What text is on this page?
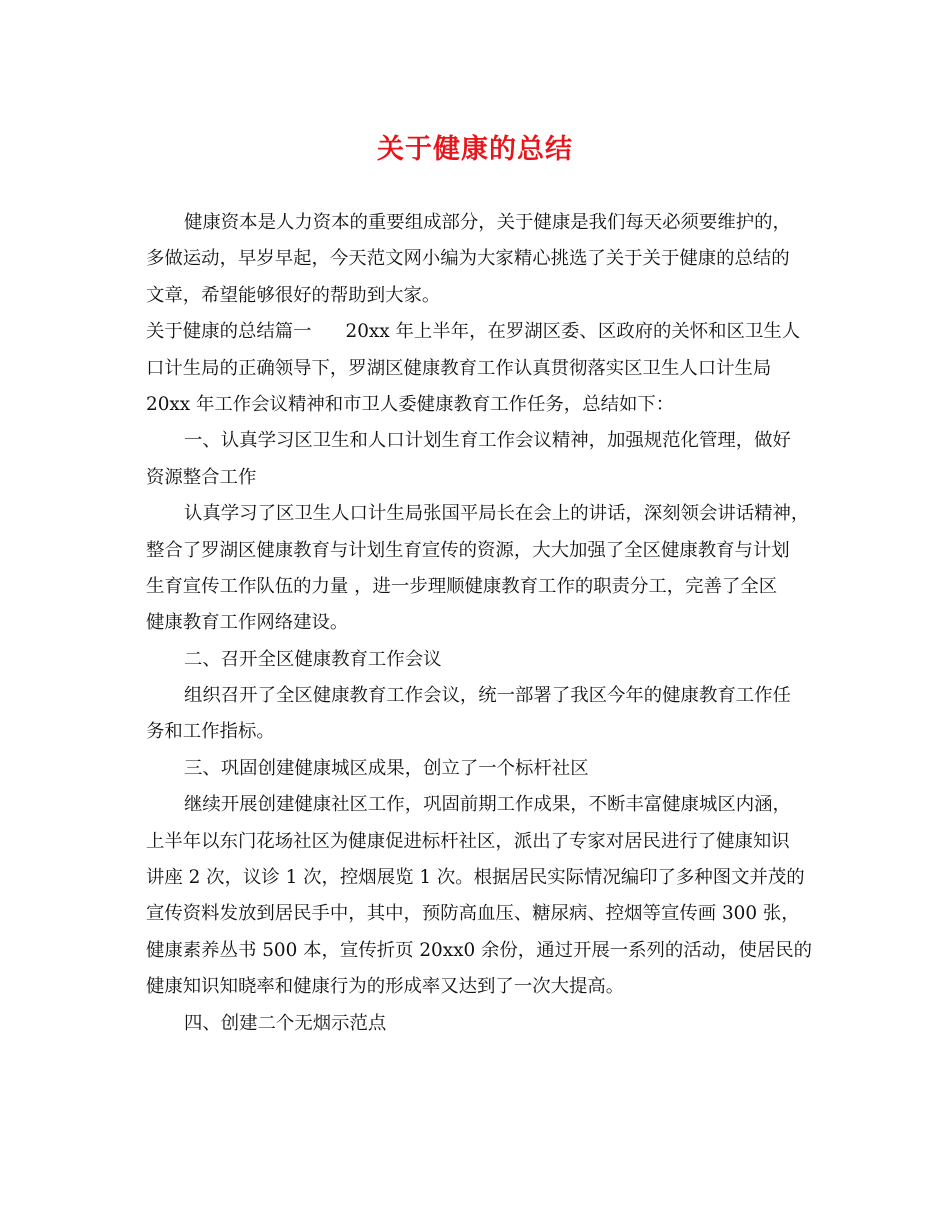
关于健康的总结
健康资本是人力资本的重要组成部分，关于健康是我们每天必须要维护的，
多做运动，早岁早起，今天范文网小编为大家精心挑选了关于关于健康的总结的
文章，希望能够很好的帮助到大家。
关于健康的总结篇一 20xx 年上半年，在罗湖区委、区政府的关怀和区卫生人
口计生局的正确领导下，罗湖区健康教育工作认真贯彻落实区卫生人口计生局
20xx 年工作会议精神和市卫人委健康教育工作任务，总结如下：
一、认真学习区卫生和人口计划生育工作会议精神，加强规范化管理，做好
资源整合工作
认真学习了区卫生人口计生局张国平局长在会上的讲话，深刻领会讲话精神，
整合了罗湖区健康教育与计划生育宣传的资源，大大加强了全区健康教育与计划
生育宣传工作队伍的力量 ，进一步理顺健康教育工作的职责分工，完善了全区
健康教育工作网络建设。
二、召开全区健康教育工作会议
组织召开了全区健康教育工作会议，统一部署了我区今年的健康教育工作任
务和工作指标。
三、巩固创建健康城区成果，创立了一个标杆社区
继续开展创建健康社区工作，巩固前期工作成果，不断丰富健康城区内涵，
上半年以东门花场社区为健康促进标杆社区，派出了专家对居民进行了健康知识
讲座 2 次，议诊 1 次，控烟展览 1 次。根据居民实际情况编印了多种图文并茂的
宣传资料发放到居民手中，其中，预防高血压、糖尿病、控烟等宣传画 300 张，
健康素养丛书 500 本，宣传折页 20xx0 余份，通过开展一系列的活动，使居民的
健康知识知晓率和健康行为的形成率又达到了一次大提高。
四、创建二个无烟示范点
